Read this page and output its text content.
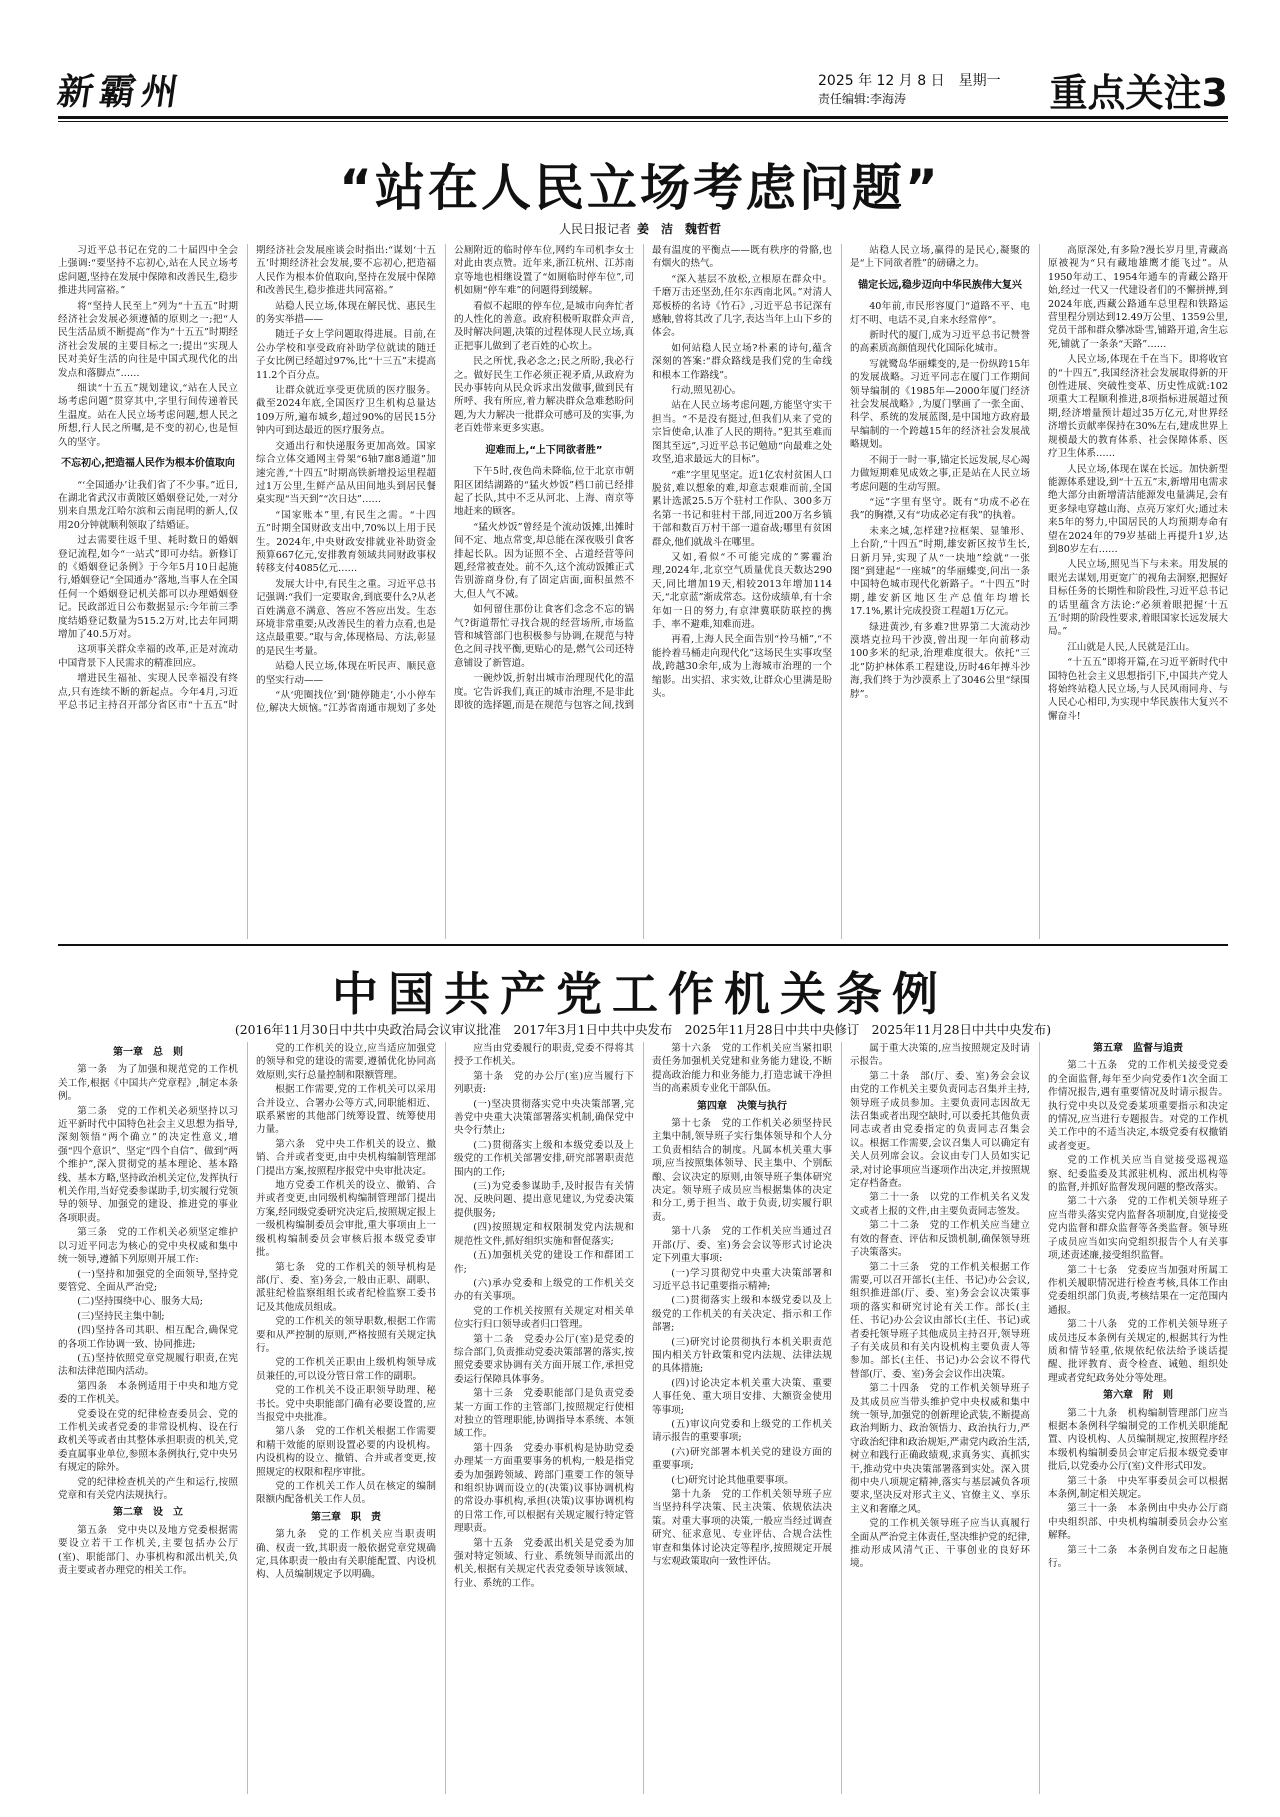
新霸州	2025 年 12 月 8 日　星期一
责任编辑:李海涛	重点关注3
“站在人民立场考虑问题”
人民日报记者 姜　洁　魏哲哲

习近平总书记在党的二十届四中全会上强调:“要坚持不忘初心,站在人民立场考虑问题,坚持在发展中保障和改善民生,稳步推进共同富裕。”

将“坚持人民至上”列为“十五五”时期经济社会发展必须遵循的原则之一;把“人民生活品质不断提高”作为“十五五”时期经济社会发展的主要目标之一;提出“实现人民对美好生活的向往是中国式现代化的出发点和落脚点”……

细读“十五五”规划建议,“站在人民立场考虑问题”贯穿其中,字里行间传递着民生温度。站在人民立场考虑问题,想人民之所想,行人民之所嘱,是不变的初心,也是恒久的坚守。

不忘初心,把造福人民作为根本价值取向

“‘全国通办’让我们省了不少事。”近日,在湖北省武汉市黄陂区婚姻登记处,一对分别来自黑龙江哈尔滨和云南昆明的新人,仅用20分钟就顺利领取了结婚证。

过去需要往返千里、耗时数日的婚姻登记流程,如今“一站式”即可办结。新修订的《婚姻登记条例》于今年5月10日起施行,婚姻登记“全国通办”落地,当事人在全国任何一个婚姻登记机关都可以办理婚姻登记。民政部近日公布数据显示:今年前三季度结婚登记数量为515.2万对,比去年同期增加了40.5万对。

这项事关群众幸福的改革,正是对流动中国背景下人民需求的精准回应。

增进民生福祉、实现人民幸福没有终点,只有连续不断的新起点。今年4月,习近平总书记主持召开部分省区市“十五五”时期经济社会发展座谈会时指出:“谋划‘十五五’时期经济社会发展,要不忘初心,把造福人民作为根本价值取向,坚持在发展中保障和改善民生,稳步推进共同富裕。”

站稳人民立场,体现在解民忧、惠民生的务实举措——

随迁子女上学问题取得进展。目前,在公办学校和享受政府补助学位就读的随迁子女比例已经超过97%,比“十三五”末提高11.2个百分点。

让群众就近享受更优质的医疗服务。截至2024年底,全国医疗卫生机构总量达109万所,遍布城乡,超过90%的居民15分钟内可到达最近的医疗服务点。

交通出行和快递服务更加高效。国家综合立体交通网主骨架“6轴7廊8通道”加速完善,“十四五”时期高铁新增投运里程超过1万公里,生鲜产品从田间地头到居民餐桌实现“当天到”“次日达”……

“国家账本”里,有民生之需。“十四五”时期全国财政支出中,70%以上用于民生。2024年,中央财政安排就业补助资金预算667亿元,安排教育领域共同财政事权转移支付4085亿元……

发展大计中,有民生之重。习近平总书记强调:“我们一定要取舍,到底要什么?从老百姓满意不满意、答应不答应出发。生态环境非常重要;从改善民生的着力点看,也是这点最重要。”取与舍,体现格局、方法,彰显的是民生考量。

站稳人民立场,体现在听民声、顺民意的坚实行动——

“从‘兜圈找位’到‘随停随走’,小小停车位,解决大烦恼。”江苏省南通市规划了多处公厕附近的临时停车位,网约车司机李女士对此由衷点赞。近年来,浙江杭州、江苏南京等地也相继设置了“如厕临时停车位”,司机如厕“停车难”的问题得到缓解。

看似不起眼的停车位,是城市向奔忙者的人性化的善意。政府积极听取群众声音,及时解决问题,决策的过程体现人民立场,真正把事儿做到了老百姓的心坎上。

民之所忧,我必念之;民之所盼,我必行之。做好民生工作必须正视矛盾,从政府为民办事转向从民众诉求出发做事,做到民有所呼、我有所应,着力解决群众急难愁盼问题,为大力解决一批群众可感可及的实事,为老百姓带来更多实惠。

迎难而上,“上下同欲者胜”

下午5时,夜色尚未降临,位于北京市朝阳区团结湖路的“猛火炒饭”档口前已经排起了长队,其中不乏从河北、上海、南京等地赶来的顾客。

“猛火炒饭”曾经是个流动饭摊,出摊时间不定、地点常变,却总能在深夜吸引食客排起长队。因为证照不全、占道经营等问题,经常被查处。前不久,这个流动饭摊正式告别游商身份,有了固定店面,面积虽然不大,但人气不减。

如何留住那份让食客们念念不忘的锅气?街道帮忙寻找合规的经营场所,市场监管和城管部门也积极参与协调,在规范与特色之间寻找平衡,更贴心的是,燃气公司还特意铺设了新管道。

一碗炒饭,折射出城市治理现代化的温度。它告诉我们,真正的城市治理,不是非此即彼的选择题,而是在规范与包容之间,找到最有温度的平衡点——既有秩序的骨骼,也有烟火的热气。

“深入基层不放松,立根原在群众中。千磨万击还坚劲,任尔东西南北风。”对清人郑板桥的名诗《竹石》,习近平总书记深有感触,曾将其改了几字,表达当年上山下乡的体会。

如何站稳人民立场?朴素的诗句,蕴含深刻的答案:“群众路线是我们党的生命线和根本工作路线”。

行动,照见初心。

站在人民立场考虑问题,方能坚守实干担当。“不是没有挺过,但我们从来了党的宗旨使命,认准了人民的期待。”犯其至难而图其至远”,习近平总书记勉励“向最难之处攻坚,追求最远大的目标”。

“难”字里见坚定。近1亿农村贫困人口脱贫,难以想象的难,却意志艰难而前,全国累计选派25.5万个驻村工作队、300多万名第一书记和驻村干部,同近200万名乡镇干部和数百万村干部一道奋战;哪里有贫困群众,他们就战斗在哪里。

又如,看似“不可能完成的”雾霾治理,2024年,北京空气质量优良天数达290天,同比增加19天,相较2013年增加114天,“北京蓝”渐成常态。这份成绩单,有十余年如一日的努力,有京津冀联防联控的携手、率不避难,知难而进。

再看,上海人民全面告别“拎马桶”,“不能拎着马桶走向现代化”这场民生实事攻坚战,跨越30余年,成为上海城市治理的一个缩影。出实招、求实效,让群众心里满是盼头。

站稳人民立场,赢得的是民心,凝聚的是“上下同欲者胜”的磅礴之力。

锚定长远,稳步迈向中华民族伟大复兴

40年前,市民形容厦门“道路不平、电灯不明、电话不灵,自来水经常停”。

新时代的厦门,成为习近平总书记赞誉的高素质高颜值现代化国际化城市。

写就鹭岛华丽蝶变的,是一份纵跨15年的发展战略。习近平同志在厦门工作期间领导编制的《1985年—2000年厦门经济社会发展战略》,为厦门擘画了一张全面、科学、系统的发展蓝图,是中国地方政府最早编制的一个跨越15年的经济社会发展战略规划。

不闹于一时一事,锚定长远发展,尽心竭力做短期难见成效之事,正是站在人民立场考虑问题的生动写照。

“远”字里有坚守。既有“功成不必在我”的胸襟,又有“功成必定有我”的执着。

未来之城,怎样建?拉框架、显雏形、上台阶,“十四五”时期,雄安新区按节生长,日新月异,实现了从“一块地”绘就“一张图”到建起“一座城”的华丽蝶变,问出一条中国特色城市现代化新路子。“十四五”时期,雄安新区地区生产总值年均增长17.1%,累计完成投资工程超1万亿元。

绿进黄沙,有多难?世界第二大流动沙漠塔克拉玛干沙漠,曾出现一年向前移动100多米的纪录,治理难度很大。依托“三北”防护林体系工程建设,历时46年搏斗沙海,我们终于为沙漠系上了3046公里“绿围脖”。

高原深处,有多险?漫长岁月里,青藏高原被视为“只有藏地雄鹰才能飞过”。从1950年动工、1954年通车的青藏公路开始,经过一代又一代建设者们的不懈拼搏,到2024年底,西藏公路通车总里程和铁路运营里程分别达到12.49万公里、1359公里,党员干部和群众攀冰卧雪,铺路开道,舍生忘死,铺就了一条条“天路”……

人民立场,体现在千在当下。即将收官的“十四五”,我国经济社会发展取得新的开创性进展、突破性变革、历史性成就:102项重大工程顺利推进,8项指标进展超过预期,经济增量预计超过35万亿元,对世界经济增长贡献率保持在30%左右,建成世界上规模最大的教育体系、社会保障体系、医疗卫生体系……

人民立场,体现在谋在长远。加快新型能源体系建设,到“十五五”末,新增用电需求绝大部分由新增清洁能源发电量满足,会有更多绿电穿越山海、点亮万家灯火;通过未来5年的努力,中国居民的人均预期寿命有望在2024年的79岁基础上再提升1岁,达到80岁左右……

人民立场,照见当下与未来。用发展的眼光去谋划,用更宽广的视角去洞察,把握好目标任务的长期性和阶段性,习近平总书记的话里蕴含方法论:“必须着眼把握‘十五五’时期的阶段性要求,着眼国家长远发展大局。”

江山就是人民,人民就是江山。

“十五五”即将开篇,在习近平新时代中国特色社会主义思想指引下,中国共产党人将始终站稳人民立场,与人民风雨同舟、与人民心心相印,为实现中华民族伟大复兴不懈奋斗!

中国共产党工作机关条例
(2016年11月30日中共中央政治局会议审议批准　2017年3月1日中共中央发布　2025年11月28日中共中央修订　2025年11月28日中共中央发布)
第一章　总　则

第一条　为了加强和规范党的工作机关工作,根据《中国共产党章程》,制定本条例。

第二条　党的工作机关必须坚持以习近平新时代中国特色社会主义思想为指导,深刻领悟“两个确立”的决定性意义,增强“四个意识”、坚定“四个自信”、做到“两个维护”,深入贯彻党的基本理论、基本路线、基本方略,坚持政治机关定位,发挥执行机关作用,当好党委参谋助手,切实履行党领导的领导、加强党的建设、推进党的事业各项职责。

第三条　党的工作机关必须坚定维护以习近平同志为核心的党中央权威和集中统一领导,遵循下列原则开展工作:

(一)坚持和加强党的全面领导,坚持党要管党、全面从严治党;

(二)坚持围绕中心、服务大局;

(三)坚持民主集中制;

(四)坚持各司其职、相互配合,确保党的各项工作协调一致、协同推进;

(五)坚持依照党章党规履行职责,在宪法和法律范围内活动。

第四条　本条例适用于中央和地方党委的工作机关。

党委设在党的纪律检查委员会、党的工作机关或者党委的非常设机构、设在行政机关等或者由其整体承担职责的机关,党委直属事业单位,参照本条例执行,党中央另有规定的除外。

党的纪律检查机关的产生和运行,按照党章和有关党内法规执行。

第二章　设　立

第五条　党中央以及地方党委根据需要设立若干工作机关,主要包括办公厅(室)、职能部门、办事机构和派出机关,负责主要或者办理党的相关工作。

党的工作机关的设立,应当适应加强党的领导和党的建设的需要,遵循优化协同高效原则,实行总量控制和限额管理。

根据工作需要,党的工作机关可以采用合并设立、合署办公等方式,同职能相近、联系紧密的其他部门统筹设置、统筹使用力量。

第六条　党中央工作机关的设立、撤销、合并或者变更,由中央机构编制管理部门提出方案,按照程序报党中央审批决定。

地方党委工作机关的设立、撤销、合并或者变更,由同级机构编制管理部门提出方案,经同级党委研究决定后,按照规定报上一级机构编制委员会审批,重大事项由上一级机构编制委员会审核后报本级党委审批。

第七条　党的工作机关的领导机构是部(厅、委、室)务会,一般由正职、副职、派驻纪检监察组组长或者纪检监察工委书记及其他成员组成。

党的工作机关的领导职数,根据工作需要和从严控制的原则,严格按照有关规定执行。

党的工作机关正职由上级机构领导成员兼任的,可以设分管日常工作的副职。

党的工作机关不设正职领导助理、秘书长。党中央职能部门确有必要设置的,应当报党中央批准。

第八条　党的工作机关根据工作需要和精干效能的原则设置必要的内设机构。内设机构的设立、撤销、合并或者变更,按照规定的权限和程序审批。

党的工作机关工作人员在核定的编制限额内配备机关工作人员。

第三章　职　责

第九条　党的工作机关应当职责明确、权责一致,其职责一般依据党章党规确定,具体职责一般由有关职能配置、内设机构、人员编制规定予以明确。

应当由党委履行的职责,党委不得将其授予工作机关。

第十条　党的办公厅(室)应当履行下列职责:

(一)坚决贯彻落实党中央决策部署,完善党中央重大决策部署落实机制,确保党中央令行禁止;

(二)贯彻落实上级和本级党委以及上级党的工作机关部署安排,研究部署职责范围内的工作;

(三)为党委参谋助手,及时报告有关情况、反映问题、提出意见建议,为党委决策提供服务;

(四)按照规定和权限制发党内法规和规范性文件,抓好组织实施和督促落实;

(五)加强机关党的建设工作和群团工作;

(六)承办党委和上级党的工作机关交办的有关事项。

党的工作机关按照有关规定对相关单位实行归口领导或者归口管理。

第十二条　党委办公厅(室)是党委的综合部门,负责推动党委决策部署的落实,按照党委要求协调有关方面开展工作,承担党委运行保障具体事务。

第十三条　党委职能部门是负责党委某一方面工作的主管部门,按照规定行使相对独立的管理职能,协调指导本系统、本领域工作。

第十四条　党委办事机构是协助党委办理某一方面重要事务的机构,一般是指党委为加强跨领域、跨部门重要工作的领导和组织协调而设立的(决策)议事协调机构的常设办事机构,承担(决策)议事协调机构的日常工作,可以根据有关规定履行特定管理职责。

第十五条　党委派出机关是党委为加强对特定领域、行业、系统领导而派出的机关,根据有关规定代表党委领导该领域、行业、系统的工作。

第十六条　党的工作机关应当紧扣职责任务加强机关党建和业务能力建设,不断提高政治能力和业务能力,打造忠诚干净担当的高素质专业化干部队伍。

第四章　决策与执行

第十七条　党的工作机关必须坚持民主集中制,领导班子实行集体领导和个人分工负责相结合的制度。凡属本机关重大事项,应当按照集体领导、民主集中、个别酝酿、会议决定的原则,由领导班子集体研究决定。领导班子成员应当根据集体的决定和分工,勇于担当、敢于负责,切实履行职责。

第十八条　党的工作机关应当通过召开部(厅、委、室)务会会议等形式讨论决定下列重大事项:

(一)学习贯彻党中央重大决策部署和习近平总书记重要指示精神;

(二)贯彻落实上级和本级党委以及上级党的工作机关的有关决定、指示和工作部署;

(三)研究讨论贯彻执行本机关职责范围内相关方针政策和党内法规、法律法规的具体措施;

(四)讨论决定本机关重大决策、重要人事任免、重大项目安排、大额资金使用等事项;

(五)审议向党委和上级党的工作机关请示报告的重要事项;

(六)研究部署本机关党的建设方面的重要事项;

(七)研究讨论其他重要事项。

第十九条　党的工作机关领导班子应当坚持科学决策、民主决策、依规依法决策。对重大事项的决策,一般应当经过调查研究、征求意见、专业评估、合规合法性审查和集体讨论决定等程序,按照规定开展与宏观政策取向一致性评估。

属于重大决策的,应当按照规定及时请示报告。

第二十条　部(厅、委、室)务会会议由党的工作机关主要负责同志召集并主持,领导班子成员参加。主要负责同志因故无法召集或者出现空缺时,可以委托其他负责同志或者由党委指定的负责同志召集会议。根据工作需要,会议召集人可以确定有关人员列席会议。会议由专门人员如实记录,对讨论事项应当逐项作出决定,并按照规定存档备查。

第二十一条　以党的工作机关名义发文或者上报的文件,由主要负责同志签发。

第二十二条　党的工作机关应当建立有效的督查、评估和反馈机制,确保领导班子决策落实。

第二十三条　党的工作机关根据工作需要,可以召开部长(主任、书记)办公会议,组织推进部(厅、委、室)务会会议决策事项的落实和研究讨论有关工作。部长(主任、书记)办公会议由部长(主任、书记)或者委托领导班子其他成员主持召开,领导班子有关成员和有关内设机构主要负责人等参加。部长(主任、书记)办公会议不得代替部(厅、委、室)务会会议作出决策。

第二十四条　党的工作机关领导班子及其成员应当带头维护党中央权威和集中统一领导,加强党的创新理论武装,不断提高政治判断力、政治领悟力、政治执行力,严守政治纪律和政治规矩,严肃党内政治生活,树立和践行正确政绩观,求真务实、真抓实干,推动党中央决策部署落到实处。深入贯彻中央八项规定精神,落实与基层减负各项要求,坚决反对形式主义、官僚主义、享乐主义和奢靡之风。

党的工作机关领导班子应当认真履行全面从严治党主体责任,坚决维护党的纪律,推动形成风清气正、干事创业的良好环境。

第五章　监督与追责

第二十五条　党的工作机关接受党委的全面监督,每年至少向党委作1次全面工作情况报告,遇有重要情况及时请示报告。执行党中央以及党委某项重要指示和决定的情况,应当进行专题报告。对党的工作机关工作中的不适当决定,本级党委有权撤销或者变更。

党的工作机关应当自觉接受巡视巡察、纪委监委及其派驻机构、派出机构等的监督,并抓好监督发现问题的整改落实。

第二十六条　党的工作机关领导班子应当带头落实党内监督各项制度,自觉接受党内监督和群众监督等各类监督。领导班子成员应当如实向党组织报告个人有关事项,述责述廉,接受组织监督。

第二十七条　党委应当加强对所属工作机关履职情况进行检查考核,具体工作由党委组织部门负责,考核结果在一定范围内通报。

第二十八条　党的工作机关领导班子成员违反本条例有关规定的,根据其行为性质和情节轻重,依规依纪依法给予谈话提醒、批评教育、责令检查、诫勉、组织处理或者党纪政务处分等处理。

第六章　附　则

第二十九条　机构编制管理部门应当根据本条例科学编制党的工作机关职能配置、内设机构、人员编制规定,按照程序经本级机构编制委员会审定后报本级党委审批后,以党委办公厅(室)文件形式印发。

第三十条　中央军事委员会可以根据本条例,制定相关规定。

第三十一条　本条例由中央办公厅商中央组织部、中央机构编制委员会办公室解释。

第三十二条　本条例自发布之日起施行。
